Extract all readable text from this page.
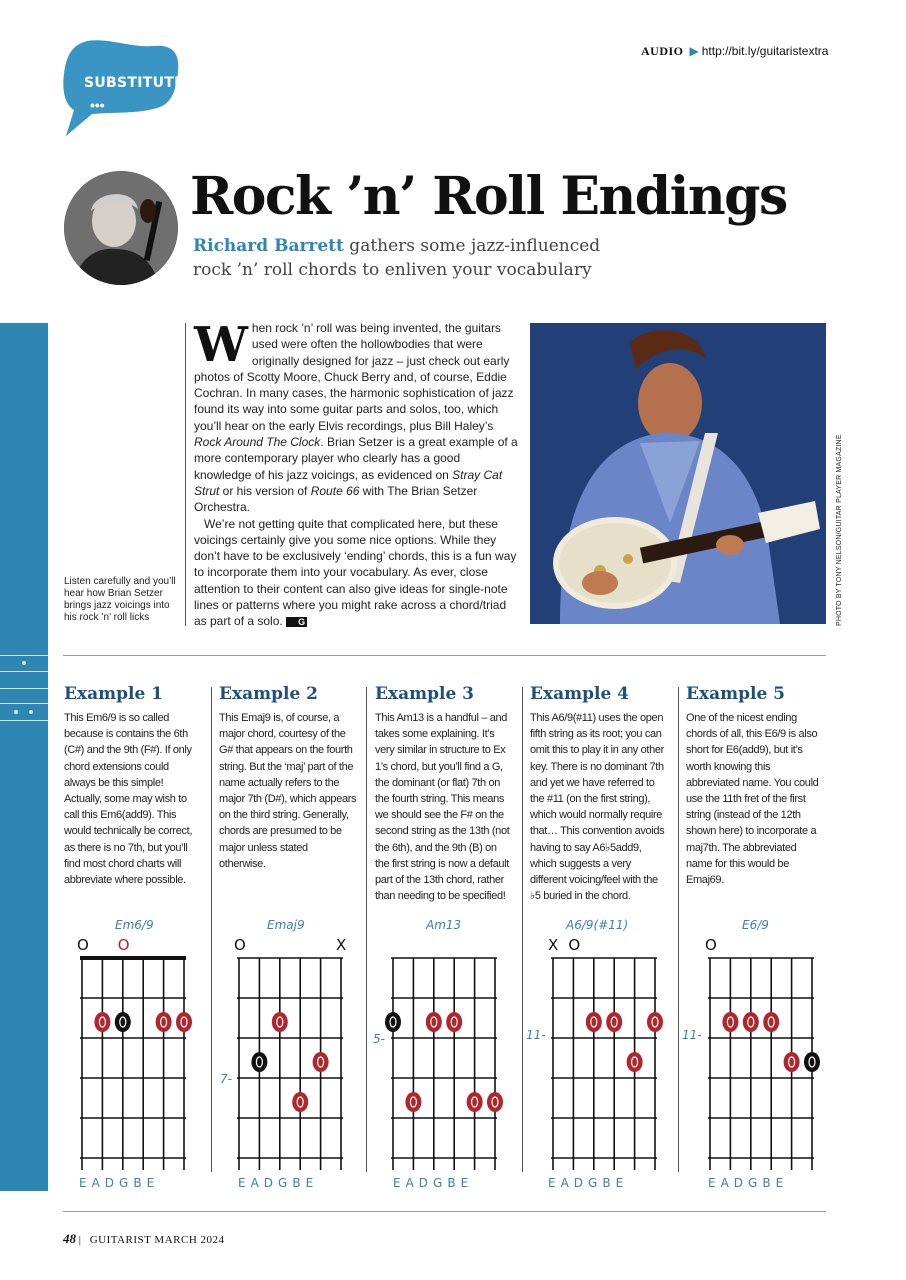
AUDIO ▶ http://bit.ly/guitaristextra
SUBSTITUTE
•••
Rock ’n’ Roll Endings
Richard Barrett gathers some jazz-influenced
rock ’n’ roll chords to enliven your vocabulary
Listen carefully and you’ll hear how Brian Setzer brings jazz voicings into his rock ’n’ roll licks

When rock ’n’ roll was being invented, the guitars used were often the hollowbodies that were originally designed for jazz – just check out early photos of Scotty Moore, Chuck Berry and, of course, Eddie Cochran. In many cases, the harmonic sophistication of jazz found its way into some guitar parts and solos, too, which you’ll hear on the early Elvis recordings, plus Bill Haley’s Rock Around The Clock. Brian Setzer is a great example of a more contemporary player who clearly has a good knowledge of his jazz voicings, as evidenced on Stray Cat Strut or his version of Route 66 with The Brian Setzer Orchestra.

We’re not getting quite that complicated here, but these voicings certainly give you some nice options. While they don’t have to be exclusively ‘ending’ chords, this is a fun way to incorporate them into your vocabulary. As ever, close attention to their content can also give ideas for single-note lines or patterns where you might rake across a chord/triad as part of a solo. G	PHOTO BY TONY NELSON/GUITAR PLAYER MAGAZINE
Example 1
This Em6/9 is so called because is contains the 6th (C#) and the 9th (F#). If only chord extensions could always be this simple! Actually, some may wish to call this Em6(add9). This would technically be correct, as there is no 7th, but you’ll find most chord charts will abbreviate where possible.
Example 2
This Emaj9 is, of course, a major chord, courtesy of the G# that appears on the fourth string. But the ‘maj’ part of the name actually refers to the major 7th (D#), which appears on the third string. Generally, chords are presumed to be major unless stated otherwise.
Example 3
This Am13 is a handful – and takes some explaining. It’s very similar in structure to Ex 1’s chord, but you’ll find a G, the dominant (or flat) 7th on the fourth string. This means we should see the F# on the second string as the 13th (not the 6th), and the 9th (B) on the first string is now a default part of the 13th chord, rather than needing to be specified!
Example 4
This A6/9(#11) uses the open fifth string as its root; you can omit this to play it in any other key. There is no dominant 7th and yet we have referred to the #11 (on the first string), which would normally require that… This convention avoids having to say A6♭5add9, which suggests a very different voicing/feel with the ♭5 buried in the chord.
Example 5
One of the nicest ending chords of all, this E6/9 is also short for E6(add9), but it’s worth knowing this abbreviated name. You could use the 11th fret of the first string (instead of the 12th shown here) to incorporate a maj7th. The abbreviated name for this would be Emaj69.
Em6/9	Emaj9	Am13	A6/9(#11)	E6/9
7-
5-	11-	11-
EADGBE	EADGBE	EADGBE	EADGBE	EADGBE
O O	O	X	X O	O
48 | GUITARIST MARCH 2024
